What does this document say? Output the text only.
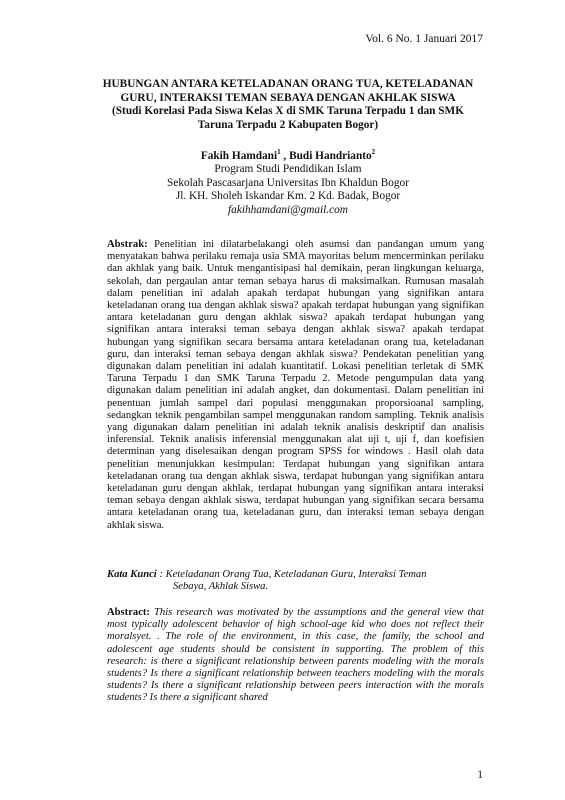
Vol. 6 No. 1 Januari 2017
HUBUNGAN ANTARA KETELADANAN ORANG TUA, KETELADANAN
GURU, INTERAKSI TEMAN SEBAYA DENGAN AKHLAK SISWA
(Studi Korelasi Pada Siswa Kelas X di SMK Taruna Terpadu 1 dan SMK
Taruna Terpadu 2 Kabupaten Bogor)
Fakih Hamdani$^1$ , Budi Handrianto$^2$
Program Studi Pendidikan Islam
Sekolah Pascasarjana Universitas Ibn Khaldun Bogor
Jl. KH. Sholeh Iskandar Km. 2 Kd. Badak, Bogor
fakihhamdani@gmail.com
Abstrak: Penelitian ini dilatarbelakangi oleh asumsi dan pandangan umum yang menyatakan bahwa perilaku remaja usia SMA mayoritas belum mencerminkan perilaku dan akhlak yang baik. Untuk mengantisipasi hal demikain, peran lingkungan keluarga, sekolah, dan pergaulan antar teman sebaya harus di maksimalkan. Rumusan masalah dalam penelitian ini adalah apakah terdapat hubungan yang signifikan antara keteladanan orang tua dengan akhlak siswa? apakah terdapat hubungan yang signifikan antara keteladanan guru dengan akhlak siswa? apakah terdapat hubungan yang signifikan antara interaksi teman sebaya dengan akhlak siswa? apakah terdapat hubungan yang signifikan secara bersama antara keteladanan orang tua, keteladanan guru, dan interaksi teman sebaya dengan akhlak siswa? Pendekatan penelitian yang digunakan dalam penelitian ini adalah kuantitatif. Lokasi penelitian terletak di SMK Taruna Terpadu 1 dan SMK Taruna Terpadu 2. Metode pengumpulan data yang digunakan dalam penelitian ini adalah angket, dan dokumentasi. Dalam penelitian ini penentuan jumlah sampel dari populasi menggunakan proporsioanal sampling, sedangkan teknik pengambilan sampel menggunakan random sampling. Teknik analisis yang digunakan dalam penelitian ini adalah teknik analisis deskriptif dan analisis inferensial. Teknik analisis inferensial menggunakan alat uji t, uji f, dan koefisien determinan yang diselesaikan dengan program SPSS for windows . Hasil olah data penelitian menunjukkan kesimpulan: Terdapat hubungan yang signifikan antara keteladanan orang tua dengan akhlak siswa, terdapat hubungan yang signifikan antara keteladanan guru dengan akhlak, terdapat hubungan yang signifikan antara interaksi teman sebaya dengan akhlak siswa, terdapat hubungan yang signifikan secara bersama antara keteladanan orang tua, keteladanan guru, dan interaksi teman sebaya dengan akhlak siswa.
Kata Kunci : Keteladanan Orang Tua, Keteladanan Guru, Interaksi Teman
Sebaya, Akhlak Siswa.
Abstract: This research was motivated by the assumptions and the general view that most typically adolescent behavior of high school-age kid who does not reflect their moralsyet. . The role of the environment, in this case, the family, the school and adolescent age students should be consistent in supporting. The problem of this research: is there a significant relationship between parents modeling with the morals students? Is there a significant relationship between teachers modeling with the morals students? Is there a significant relationship between peers interaction with the morals students? Is there a significant shared
1
